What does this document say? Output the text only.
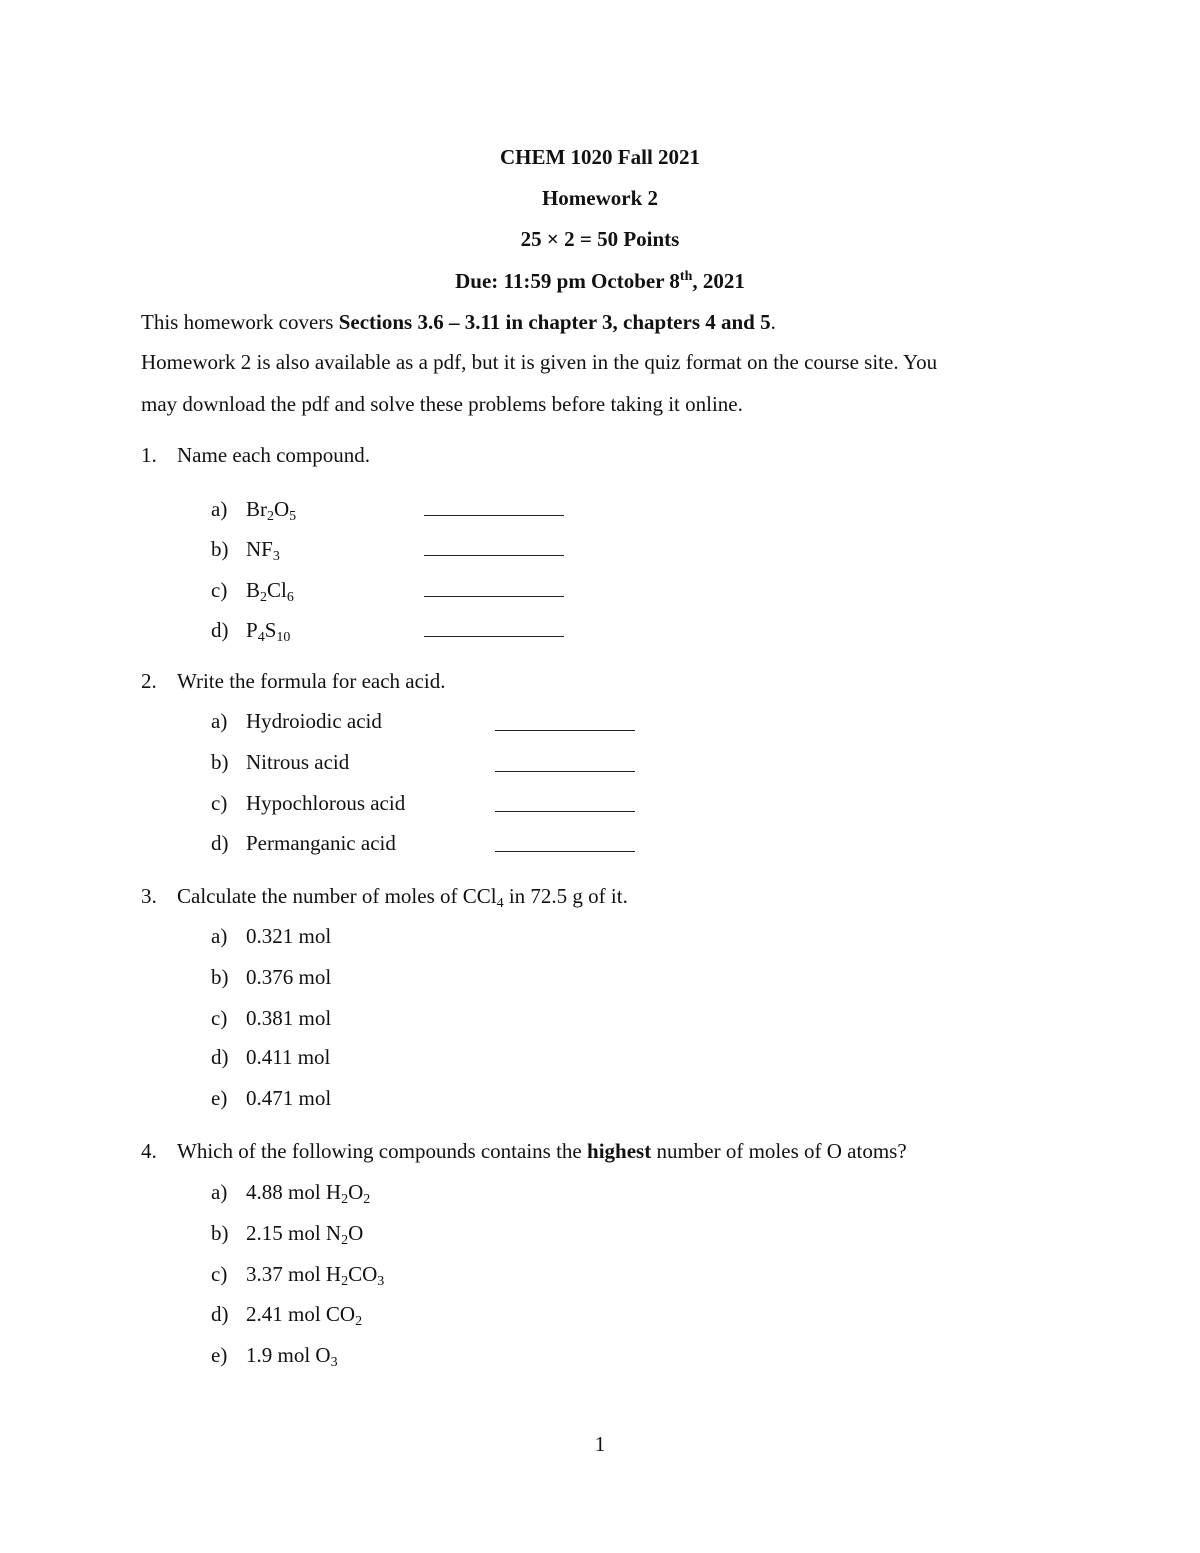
CHEM 1020 Fall 2021
Homework 2
25 × 2 = 50 Points
Due: 11:59 pm October 8th, 2021
This homework covers Sections 3.6 – 3.11 in chapter 3, chapters 4 and 5.
Homework 2 is also available as a pdf, but it is given in the quiz format on the course site. You
may download the pdf and solve these problems before taking it online.
1. Name each compound.
a) $Br_2O_5$
b) $NF_3$
c) $B_2Cl_6$
d) $P_4S_{10}$
2. Write the formula for each acid.
a) Hydroiodic acid
b) Nitrous acid
c) Hypochlorous acid
d) Permanganic acid
3. Calculate the number of moles of CCl$_4$ in 72.5 g of it.
a) 0.321 mol
b) 0.376 mol
c) 0.381 mol
d) 0.411 mol
e) 0.471 mol
4. Which of the following compounds contains the highest number of moles of O atoms?
a) 4.88 mol $H_2O_2$
b) 2.15 mol $N_2O$
c) 3.37 mol $H_2CO_3$
d) 2.41 mol $CO_2$
e) 1.9 mol $O_3$
1
